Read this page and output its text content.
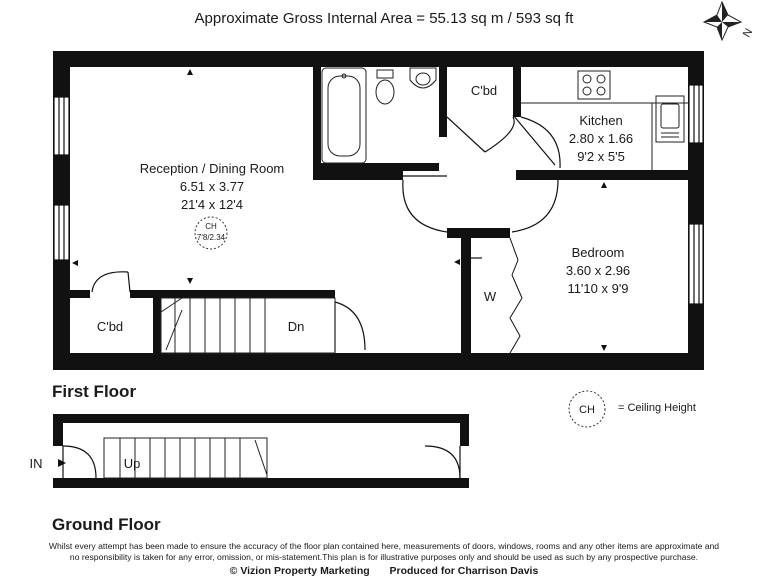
Approximate Gross Internal Area = 55.13 sq m / 593 sq ft
N
Reception / Dining Room
6.51 x 3.77
21'4 x 12'4
CH
7'8/2.34
C'bd
Kitchen
2.80 x 1.66
9'2 x 5'5
Bedroom
3.60 x 2.96
11'10 x 9'9
W
C'bd	Dn
First Floor
CH	= Ceiling Height
IN	Up
Ground Floor
Whilst every attempt has been made to ensure the accuracy of the floor plan contained here, measurements of doors, windows, rooms and any other items are approximate and
no responsibility is taken for any error, omission, or mis-statement.This plan is for illustrative purposes only and should be used as such by any prospective purchase.
© Vizion Property Marketing Produced for Charrison Davis
